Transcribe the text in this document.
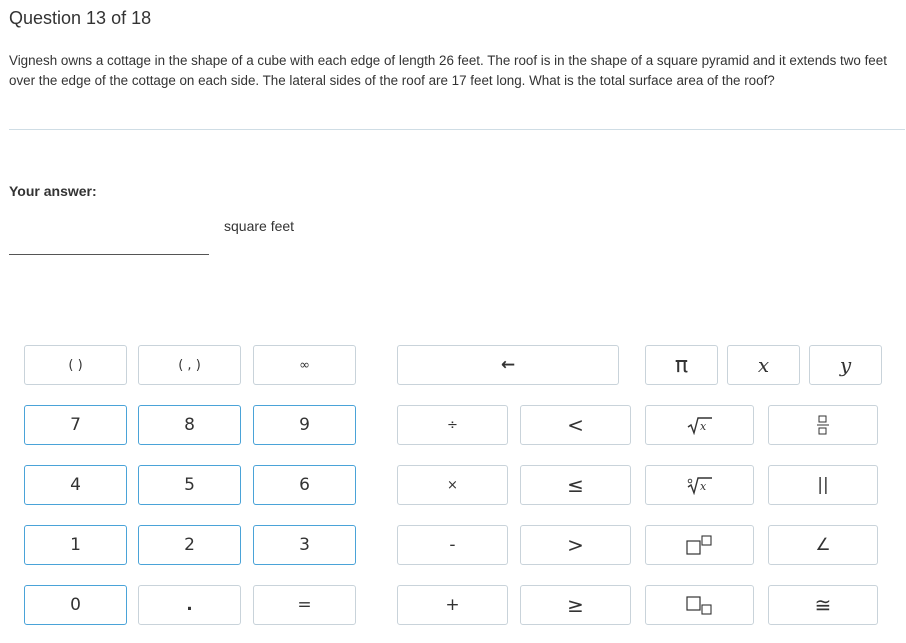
Question 13 of 18
Vignesh owns a cottage in the shape of a cube with each edge of length 26 feet. The roof is in the shape of a square pyramid and it extends two feet over the edge of the cottage on each side. The lateral sides of the roof are 17 feet long. What is the total surface area of the roof?
Your answer:
square feet
( )	( , )	∞	←	π	x	y
7	8	9	÷	<	x
4	5	6	×	≤	x	||
1	2	3	-	>	∠
0	.	=	+	≥	≅
